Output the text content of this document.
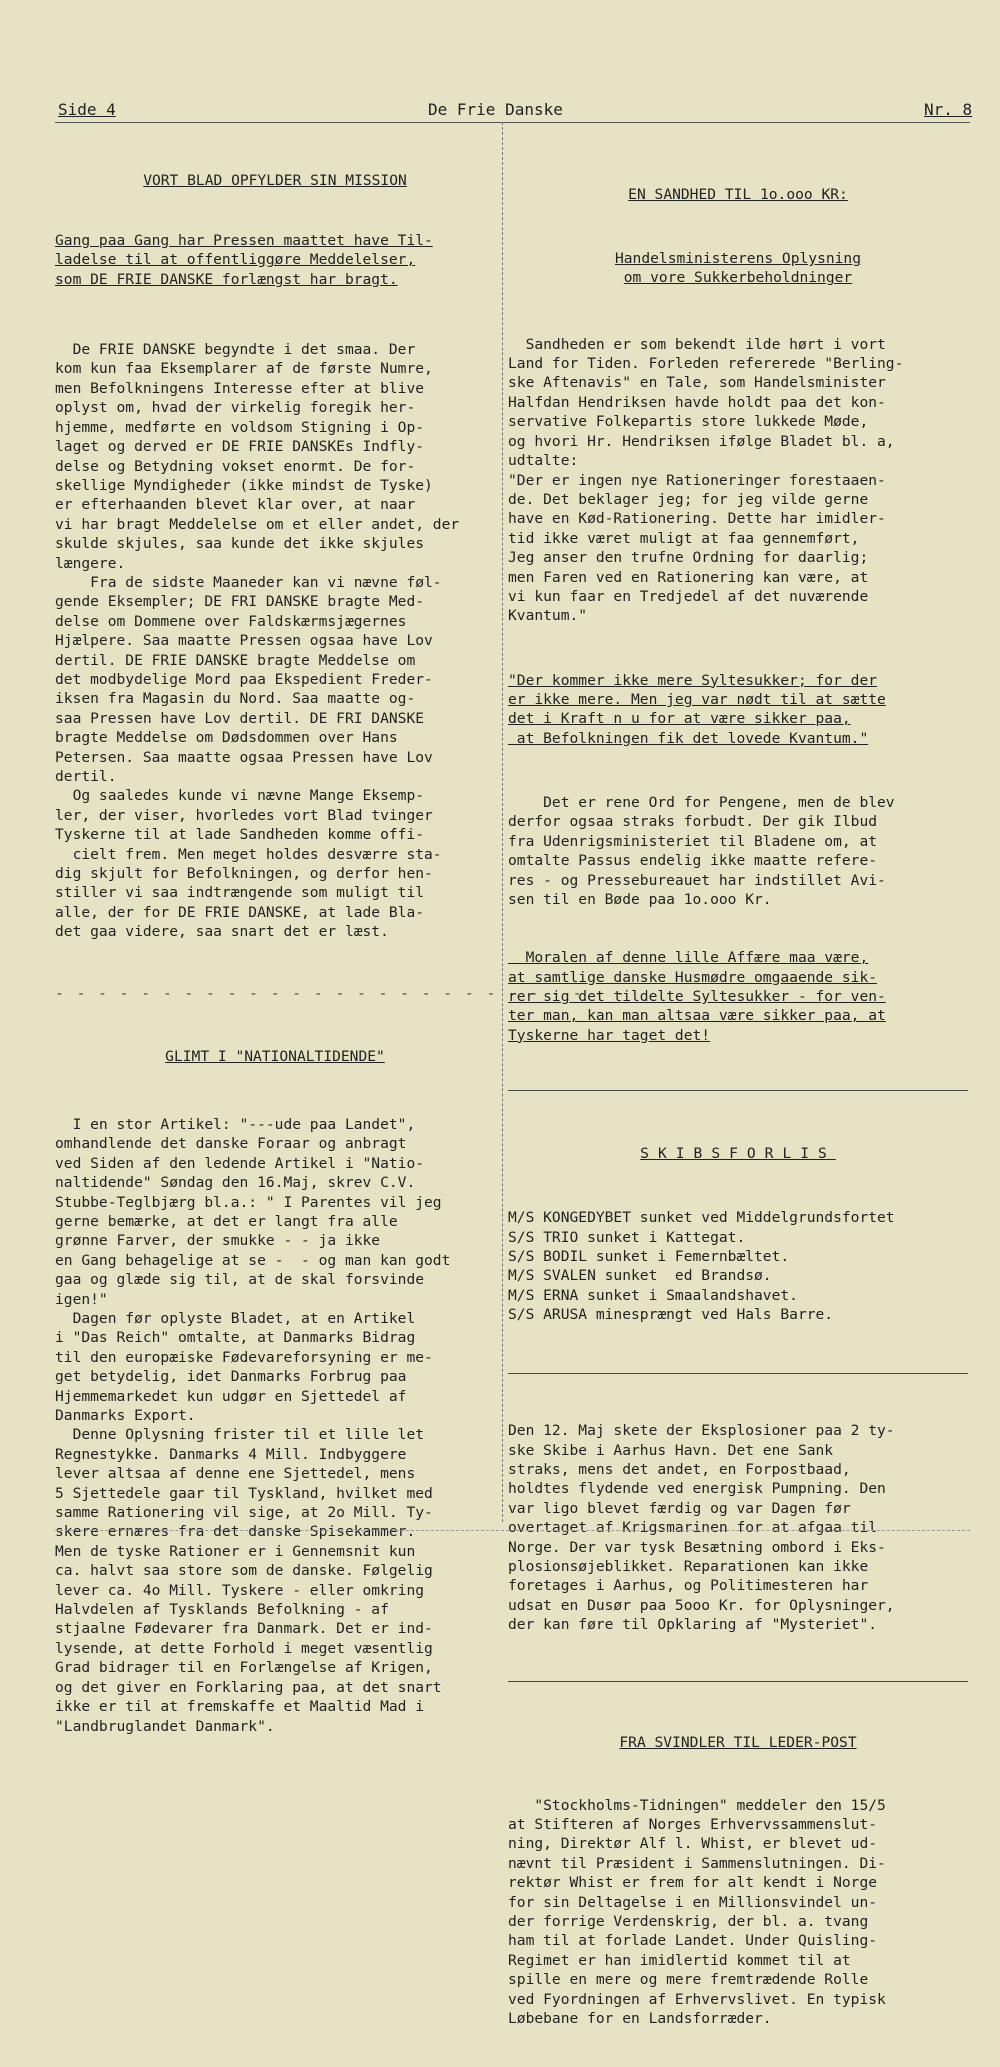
Side 4	De Frie Danske	Nr. 8

VORT BLAD OPFYLDER SIN MISSION

Gang paa Gang har Pressen maattet have Til-
ladelse til at offentliggøre Meddelelser,
som DE FRIE DANSKE forlængst har bragt.

De FRIE DANSKE begyndte i det smaa. Der
kom kun faa Eksemplarer af de første Numre,
men Befolkningens Interesse efter at blive
oplyst om, hvad der virkelig foregik her-
hjemme, medførte en voldsom Stigning i Op-
laget og derved er DE FRIE DANSKEs Indfly-
delse og Betydning vokset enormt. De for-
skellige Myndigheder (ikke mindst de Tyske)
er efterhaanden blevet klar over, at naar
vi har bragt Meddelelse om et eller andet, der
skulde skjules, saa kunde det ikke skjules
længere.
Fra de sidste Maaneder kan vi nævne føl-
gende Eksempler; DE FRI DANSKE bragte Med-
delse om Dommene over Faldskærmsjægernes
Hjælpere. Saa maatte Pressen ogsaa have Lov
dertil. DE FRIE DANSKE bragte Meddelse om
det modbydelige Mord paa Ekspedient Freder-
iksen fra Magasin du Nord. Saa maatte og-
saa Pressen have Lov dertil. DE FRI DANSKE
bragte Meddelse om Dødsdommen over Hans
Petersen. Saa maatte ogsaa Pressen have Lov
dertil.
Og saaledes kunde vi nævne Mange Eksemp-
ler, der viser, hvorledes vort Blad tvinger
Tyskerne til at lade Sandheden komme offi-
cielt frem. Men meget holdes desværre sta-
dig skjult for Befolkningen, og derfor hen-
stiller vi saa indtrængende som muligt til
alle, der for DE FRIE DANSKE, at lade Bla-
det gaa videre, saa snart det er læst.

- - - - - - - - - - - - - - - - - - - - - - - - - - -

GLIMT I "NATIONALTIDENDE"

I en stor Artikel: "---ude paa Landet",
omhandlende det danske Foraar og anbragt
ved Siden af den ledende Artikel i "Natio-
naltidende" Søndag den 16.Maj, skrev C.V.
Stubbe-Teglbjærg bl.a.: " I Parentes vil jeg
gerne bemærke, at det er langt fra alle
grønne Farver, der smukke - - ja ikke
en Gang behagelige at se -  - og man kan godt
gaa og glæde sig til, at de skal forsvinde
igen!"
Dagen før oplyste Bladet, at en Artikel
i "Das Reich" omtalte, at Danmarks Bidrag
til den europæiske Fødevareforsyning er me-
get betydelig, idet Danmarks Forbrug paa
Hjemmemarkedet kun udgør en Sjettedel af
Danmarks Export.
Denne Oplysning frister til et lille let
Regnestykke. Danmarks 4 Mill. Indbyggere
lever altsaa af denne ene Sjettedel, mens
5 Sjettedele gaar til Tyskland, hvilket med
samme Rationering vil sige, at 2o Mill. Ty-
skere ernæres fra det danske Spisekammer.
Men de tyske Rationer er i Gennemsnit kun
ca. halvt saa store som de danske. Følgelig
lever ca. 4o Mill. Tyskere - eller omkring
Halvdelen af Tysklands Befolkning - af
stjaalne Fødevarer fra Danmark. Det er ind-
lysende, at dette Forhold i meget væsentlig
Grad bidrager til en Forlængelse af Krigen,
og det giver en Forklaring paa, at det snart
ikke er til at fremskaffe et Maaltid Mad i
"Landbruglandet Danmark".

EN SANDHED TIL 1o.ooo KR:

Handelsministerens Oplysning
om vore Sukkerbeholdninger

Sandheden er som bekendt ilde hørt i vort
Land for Tiden. Forleden refererede "Berling-
ske Aftenavis" en Tale, som Handelsminister
Halfdan Hendriksen havde holdt paa det kon-
servative Folkepartis store lukkede Møde,
og hvori Hr. Hendriksen ifølge Bladet bl. a,
udtalte:
"Der er ingen nye Rationeringer forestaaen-
de. Det beklager jeg; for jeg vilde gerne
have en Kød-Rationering. Dette har imidler-
tid ikke været muligt at faa gennemført,
Jeg anser den trufne Ordning for daarlig;
men Faren ved en Rationering kan være, at
vi kun faar en Tredjedel af det nuværende
Kvantum."

"Der kommer ikke mere Syltesukker; for der
er ikke mere. Men jeg var nødt til at sætte
det i Kraft n u for at være sikker paa,
at Befolkningen fik det lovede Kvantum."

Det er rene Ord for Pengene, men de blev
derfor ogsaa straks forbudt. Der gik Ilbud
fra Udenrigsministeriet til Bladene om, at
omtalte Passus endelig ikke maatte refere-
res - og Pressebureauet har indstillet Avi-
sen til en Bøde paa 1o.ooo Kr.

Moralen af denne lille Affære maa være,
at samtlige danske Husmødre omgaaende sik-
rer sig det tildelte Syltesukker - for ven-
ter man, kan man altsaa være sikker paa, at
Tyskerne har taget det!

SKIBSFORLIS

M/S KONGEDYBET sunket ved Middelgrundsfortet
S/S TRIO sunket i Kattegat.
S/S BODIL sunket i Femernbæltet.
M/S SVALEN sunket  ed Brandsø.
M/S ERNA sunket i Smaalandshavet.
S/S ARUSA minesprængt ved Hals Barre.

Den 12. Maj skete der Eksplosioner paa 2 ty-
ske Skibe i Aarhus Havn. Det ene Sank
straks, mens det andet, en Forpostbaad,
holdtes flydende ved energisk Pumpning. Den
var ligo blevet færdig og var Dagen før
overtaget af Krigsmarinen for at afgaa til
Norge. Der var tysk Besætning ombord i Eks-
plosionsøjeblikket. Reparationen kan ikke
foretages i Aarhus, og Politimesteren har
udsat en Dusør paa 5ooo Kr. for Oplysninger,
der kan føre til Opklaring af "Mysteriet".

FRA SVINDLER TIL LEDER-POST

"Stockholms-Tidningen" meddeler den 15/5
at Stifteren af Norges Erhvervssammenslut-
ning, Direktør Alf l. Whist, er blevet ud-
nævnt til Præsident i Sammenslutningen. Di-
rektør Whist er frem for alt kendt i Norge
for sin Deltagelse i en Millionsvindel un-
der forrige Verdenskrig, der bl. a. tvang
ham til at forlade Landet. Under Quisling-
Regimet er han imidlertid kommet til at
spille en mere og mere fremtrædende Rolle
ved Fyordningen af Erhvervslivet. En typisk
Løbebane for en Landsforræder.
